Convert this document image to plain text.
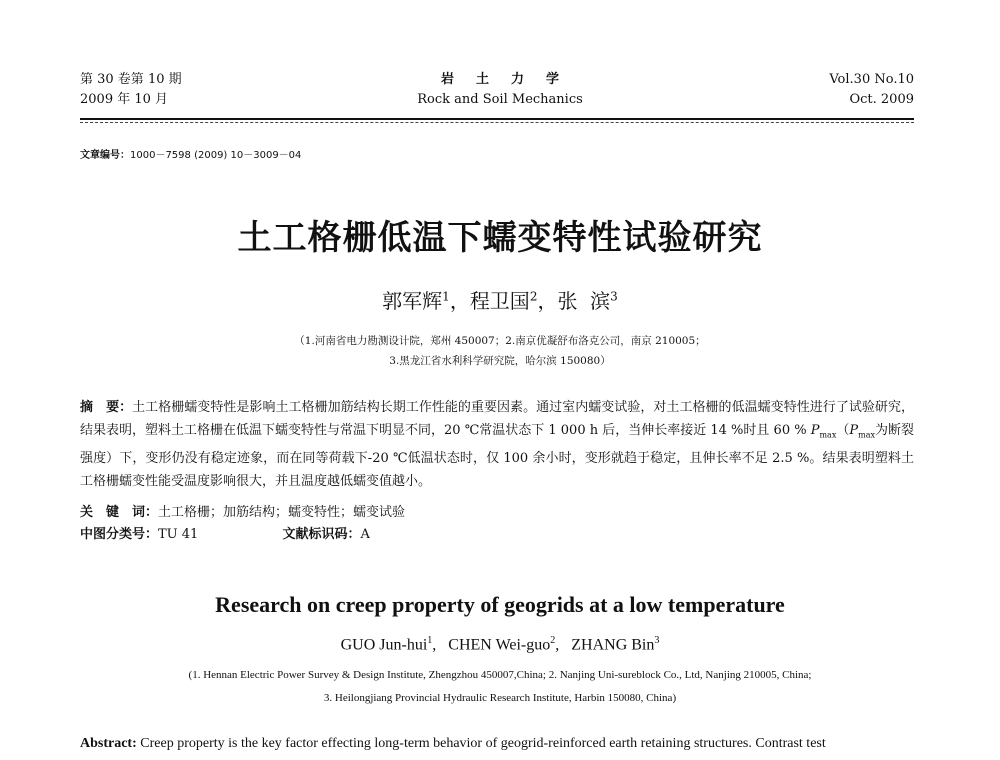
第 30 卷第 10 期
2009 年 10 月
岩土力学
Rock and Soil Mechanics
Vol.30 No.10
Oct. 2009
文章编号：1000－7598 (2009) 10－3009－04
土工格栅低温下蠕变特性试验研究
郭军辉$^1$，程卫国$^2$，张  滨$^3$
（1.河南省电力勘测设计院，郑州 450007；2.南京优凝舒布洛克公司，南京 210005；
3.黑龙江省水利科学研究院，哈尔滨 150080）
摘　要：土工格栅蠕变特性是影响土工格栅加筋结构长期工作性能的重要因素。通过室内蠕变试验，对土工格栅的低温蠕变特性进行了试验研究，结果表明，塑料土工格栅在低温下蠕变特性与常温下明显不同，20 ℃常温状态下 1 000 h 后，当伸长率接近 14 %时且 60 % $P_{max}(P_{max}$为断裂强度）下，变形仍没有稳定迹象，而在同等荷载下-20 ℃低温状态时，仅 100 余小时，变形就趋于稳定，且伸长率不足 2.5 %。结果表明塑料土工格栅蠕变性能受温度影响很大，并且温度越低蠕变值越小。
关　键　词：土工格栅；加筋结构；蠕变特性；蠕变试验
中图分类号：TU 41	文献标识码：A
Research on creep property of geogrids at a low temperature
GUO Jun-hui$^1$,   CHEN Wei-guo$^2$,   ZHANG Bin$^3$
(1. Hennan Electric Power Survey & Design Institute, Zhengzhou 450007,China; 2. Nanjing Uni-sureblock Co., Ltd, Nanjing 210005, China;
3. Heilongjiang Provincial Hydraulic Research Institute, Harbin 150080, China)
Abstract: Creep property is the key factor effecting long-term behavior of geogrid-reinforced earth retaining structures. Contrast test
